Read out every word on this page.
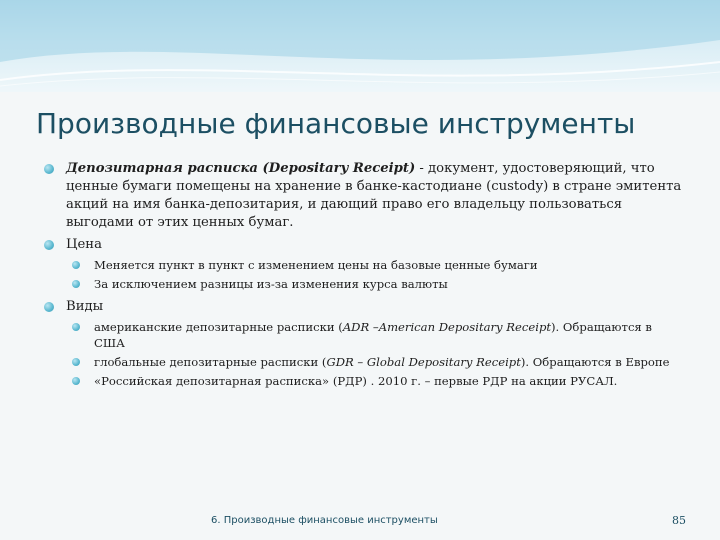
Производные финансовые инструменты
Депозитарная расписка (Depositary Receipt) - документ, удостоверяющий, что ценные бумаги помещены на хранение в банке-кастодиане (custody) в стране эмитента акций на имя банка-депозитария, и дающий право его владельцу пользоваться выгодами от этих ценных бумаг.
Цена
Меняется пункт в пункт с изменением цены на базовые ценные бумаги
За исключением разницы из-за изменения курса валюты
Виды
американские депозитарные расписки (ADR –American Depositary Receipt). Обращаются в США
глобальные депозитарные расписки (GDR – Global Depositary Receipt). Обращаются в Европе
«Российская депозитарная расписка» (РДР) . 2010 г. – первые РДР на акции РУСАЛ.
6. Производные финансовые инструменты	85
